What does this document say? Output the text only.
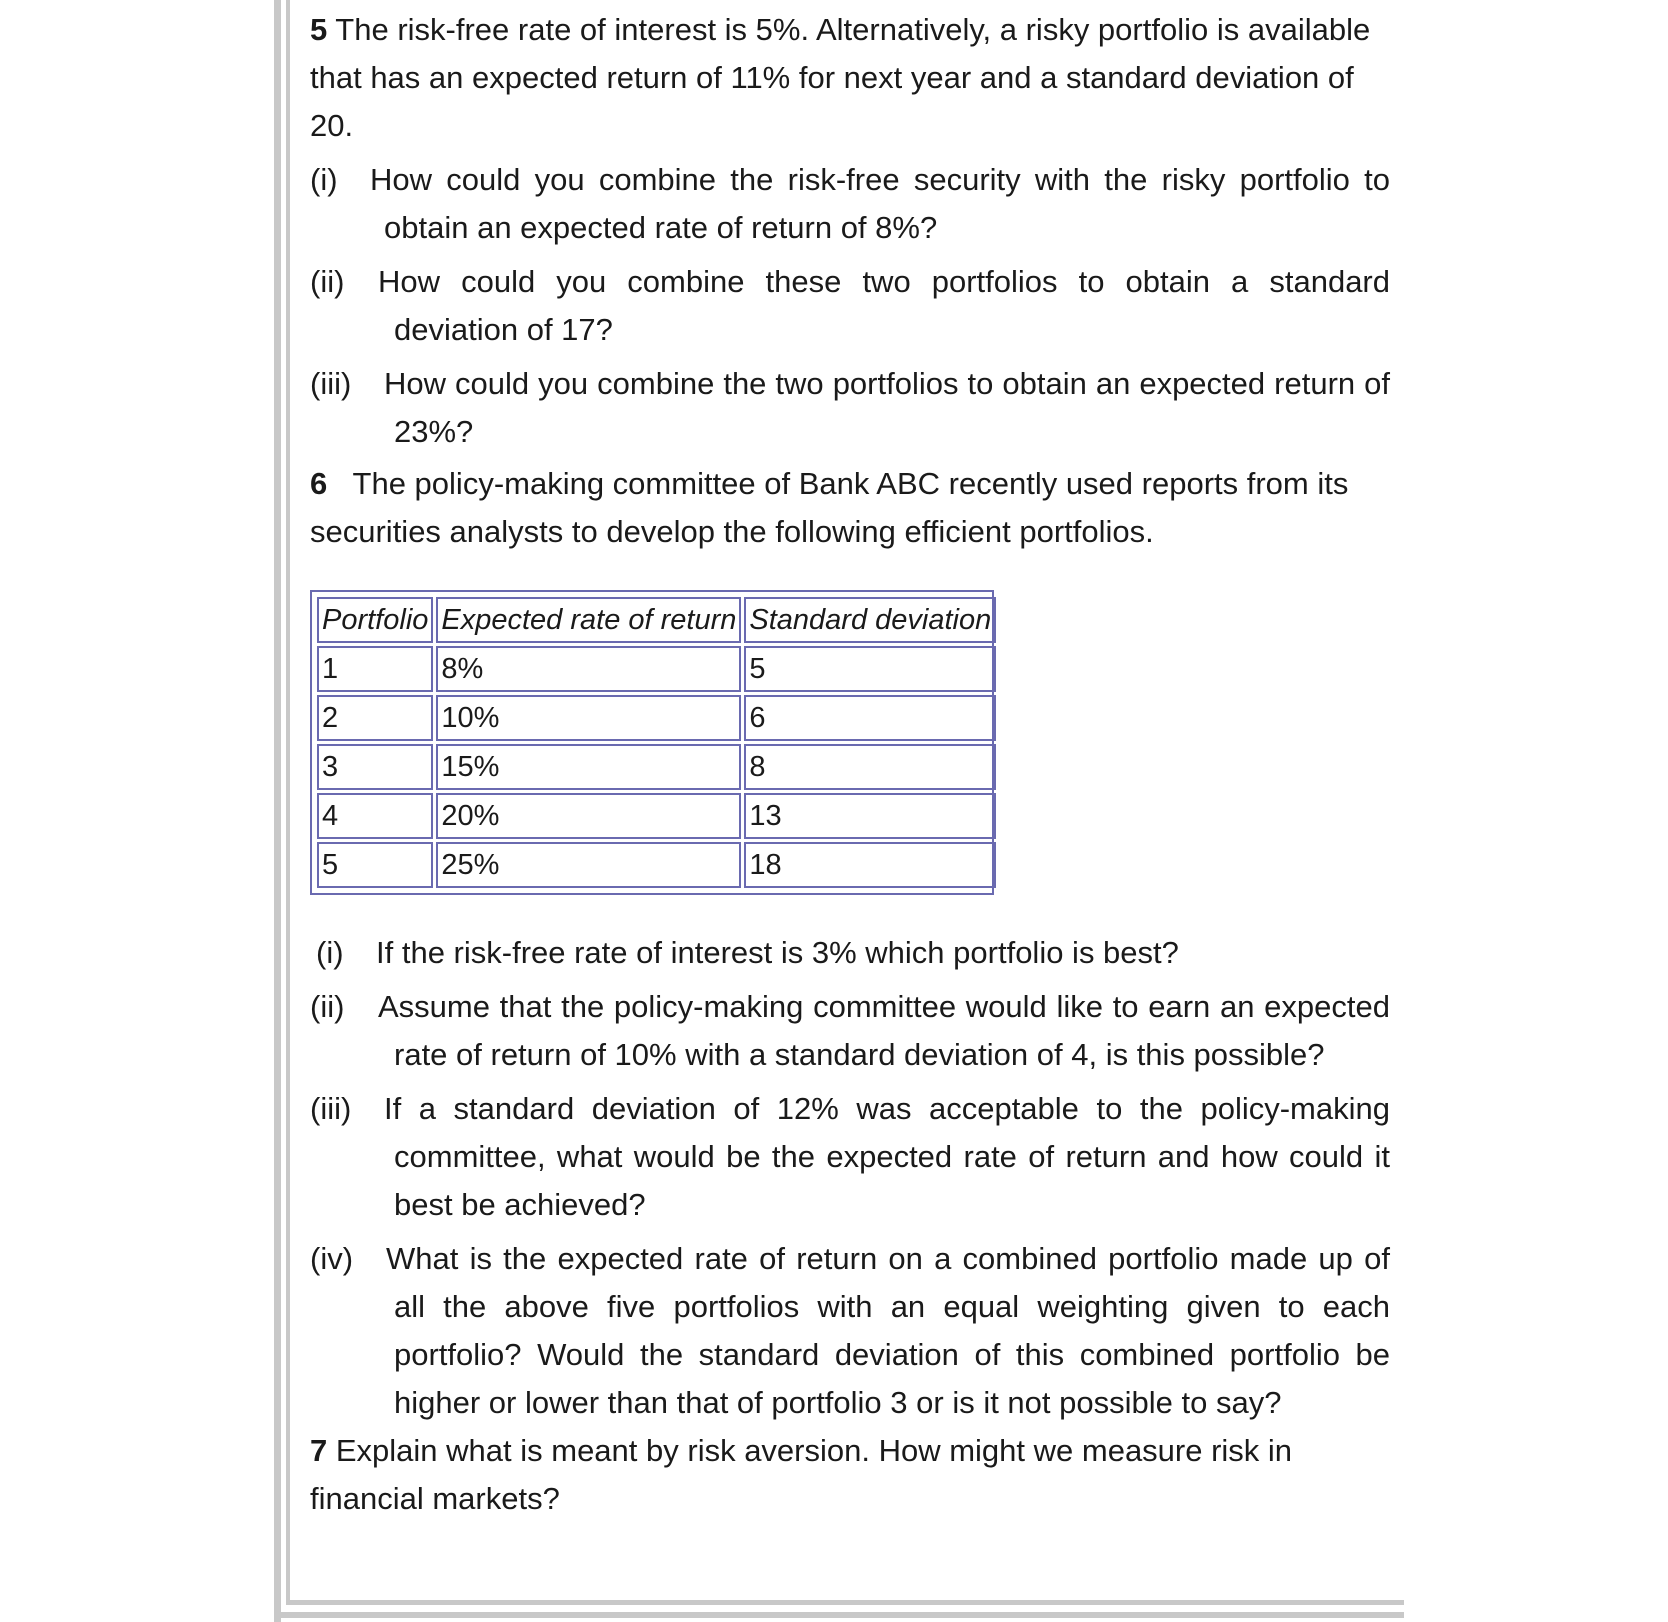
5 The risk-free rate of interest is 5%. Alternatively, a risky portfolio is available that has an expected return of 11% for next year and a standard deviation of 20.

(i)	How could you combine the risk-free security with the risky portfolio to obtain an expected rate of return of 8%?
(ii)	How could you combine these two portfolios to obtain a standard deviation of 17?
(iii)	How could you combine the two portfolios to obtain an expected return of 23%?

6   The policy-making committee of Bank ABC recently used reports from its securities analysts to develop the following efficient portfolios.

Portfolio	Expected rate of return	Standard deviation
1	8%	5
2	10%	6
3	15%	8
4	20%	13
5	25%	18
(i)	If the risk-free rate of interest is 3% which portfolio is best?
(ii)	Assume that the policy-making committee would like to earn an expected rate of return of 10% with a standard deviation of 4, is this possible?
(iii)	If a standard deviation of 12% was acceptable to the policy-making committee, what would be the expected rate of return and how could it best be achieved?
(iv)	What is the expected rate of return on a combined portfolio made up of all the above five portfolios with an equal weighting given to each portfolio? Would the standard deviation of this combined portfolio be higher or lower than that of portfolio 3 or is it not possible to say?

7 Explain what is meant by risk aversion. How might we measure risk in financial markets?
